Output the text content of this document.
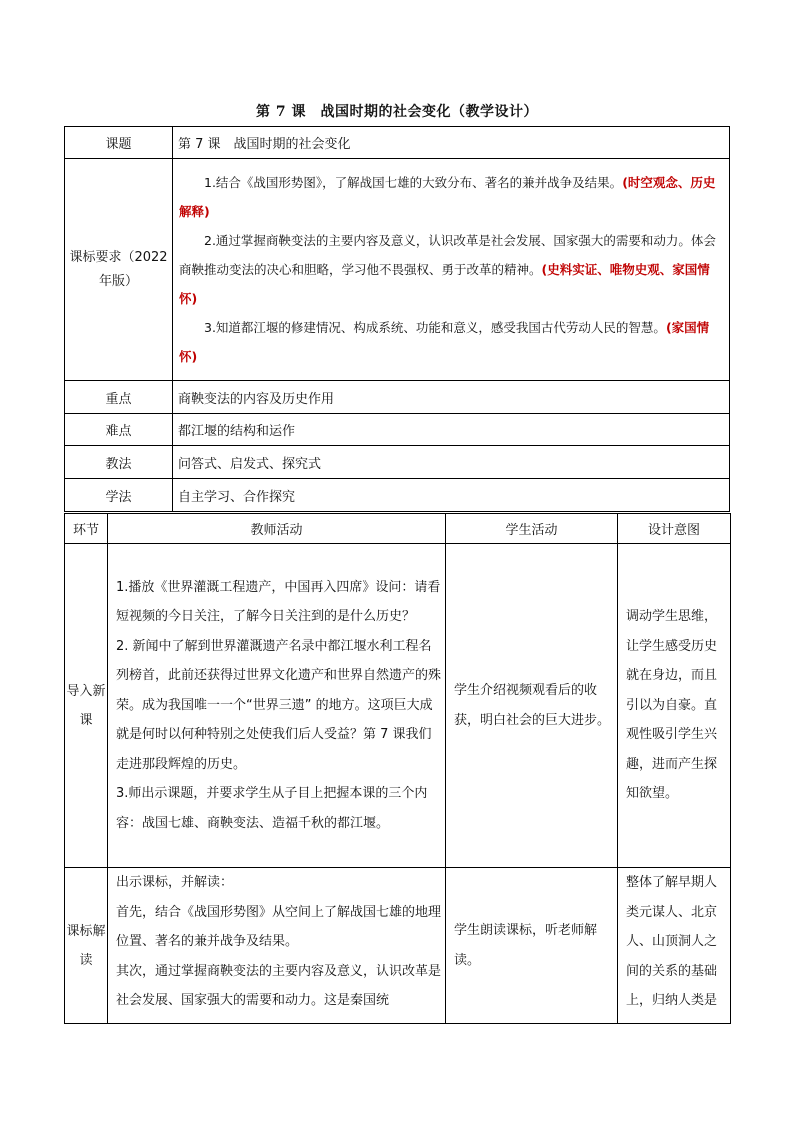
第 7 课　战国时期的社会变化（教学设计）
课题	第 7 课　战国时期的社会变化
课标要求（2022年版）	1.结合《战国形势图》，了解战国七雄的大致分布、著名的兼并战争及结果。(时空观念、历史解释)

2.通过掌握商鞅变法的主要内容及意义，认识改革是社会发展、国家强大的需要和动力。体会商鞅推动变法的决心和胆略，学习他不畏强权、勇于改革的精神。(史料实证、唯物史观、家国情怀)

3.知道都江堰的修建情况、构成系统、功能和意义，感受我国古代劳动人民的智慧。(家国情怀)

重点	商鞅变法的内容及历史作用
难点	都江堰的结构和运作
教法	问答式、启发式、探究式
学法	自主学习、合作探究
环节	教师活动	学生活动	设计意图
导入新课	1.播放《世界灌溉工程遗产，中国再入四席》设问：请看短视频的今日关注，了解今日关注到的是什么历史？
2. 新闻中了解到世界灌溉遗产名录中都江堰水利工程名列榜首，此前还获得过世界文化遗产和世界自然遗产的殊荣。成为我国唯一一个“世界三遗” 的地方。这项巨大成就是何时以何种特别之处使我们后人受益？第 7 课我们走进那段辉煌的历史。
3.师出示课题，并要求学生从子目上把握本课的三个内容：战国七雄、商鞅变法、造福千秋的都江堰。	学生介绍视频观看后的收获，明白社会的巨大进步。	调动学生思维，让学生感受历史就在身边，而且引以为自豪。直观性吸引学生兴趣，进而产生探知欲望。
课标解读	出示课标，并解读：
首先，结合《战国形势图》从空间上了解战国七雄的地理位置、著名的兼并战争及结果。
其次，通过掌握商鞅变法的主要内容及意义，认识改革是社会发展、国家强大的需要和动力。这是秦国统	学生朗读课标，听老师解读。	整体了解早期人类元谋人、北京人、山顶洞人之间的关系的基础上，归纳人类是
